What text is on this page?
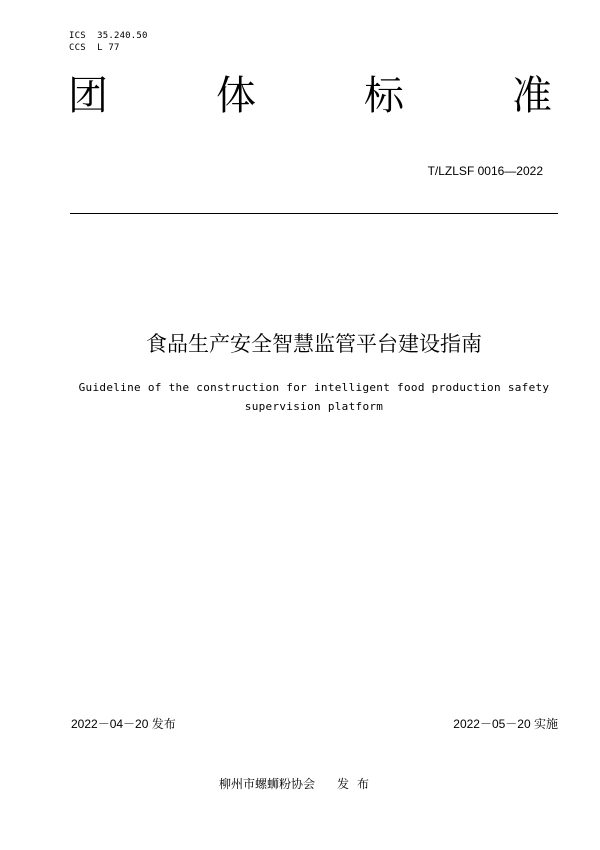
ICS  35.240.50
CCS  L 77
团	体	标	准
T/LZLSF 0016—2022
食品生产安全智慧监管平台建设指南
Guideline of the construction for intelligent food production safety
supervision platform
2022－04－20 发布	2022－05－20 实施
柳州市螺蛳粉协会 发布
